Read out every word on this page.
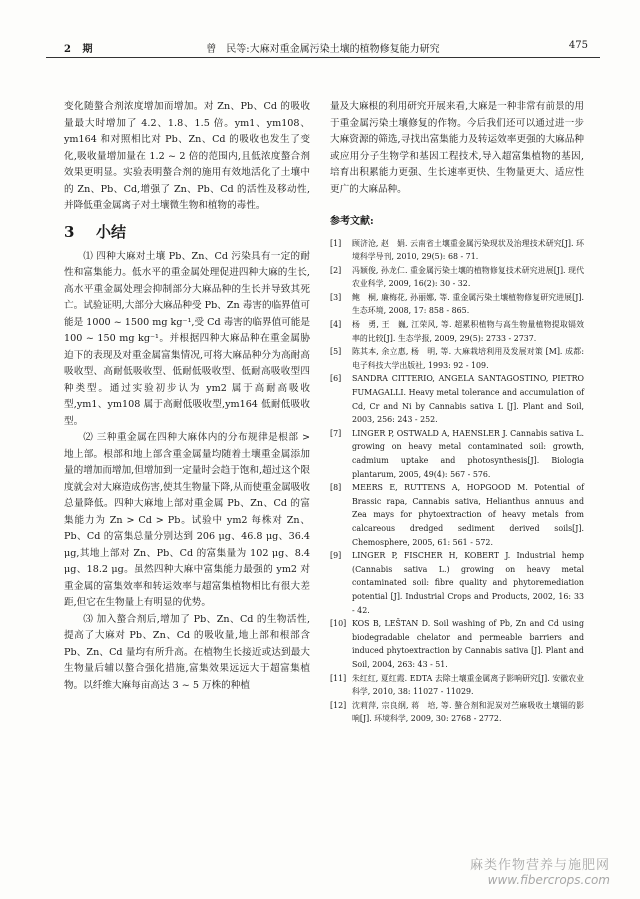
2 期	曾　民等:大麻对重金属污染土壤的植物修复能力研究	475

变化随螯合剂浓度增加而增加。对 Zn、Pb、Cd 的吸收量最大时增加了 4.2、1.8、1.5 倍。ym1、ym108、ym164 和对照相比对 Pb、Zn、Cd 的吸收也发生了变化,吸收量增加量在 1.2 ~ 2 倍的范围内,且低浓度螯合剂效果更明显。实验表明螯合剂的施用有效地活化了土壤中的 Zn、Pb、Cd,增强了 Zn、Pb、Cd 的活性及移动性,并降低重金属离子对土壤微生物和植物的毒性。

3 小结

⑴ 四种大麻对土壤 Pb、Zn、Cd 污染具有一定的耐性和富集能力。低水平的重金属处理促进四种大麻的生长,高水平重金属处理会抑制部分大麻品种的生长并导致其死亡。试验证明,大部分大麻品种受 Pb、Zn 毒害的临界值可能是 1000 ~ 1500 mg kg⁻¹,受 Cd 毒害的临界值可能是 100 ~ 150 mg kg⁻¹。并根据四种大麻品种在重金属胁迫下的表现及对重金属富集情况,可将大麻品种分为高耐高吸收型、高耐低吸收型、低耐低吸收型、低耐高吸收型四种类型。通过实验初步认为 ym2 属于高耐高吸收型,ym1、ym108 属于高耐低吸收型,ym164 低耐低吸收型。

⑵ 三种重金属在四种大麻体内的分布规律是根部 > 地上部。根部和地上部含重金属量均随着土壤重金属添加量的增加而增加,但增加到一定量时会趋于饱和,超过这个限度就会对大麻造成伤害,使其生物量下降,从而使重金属吸收总量降低。四种大麻地上部对重金属 Pb、Zn、Cd 的富集能力为 Zn > Cd > Pb。试验中 ym2 每株对 Zn、Pb、Cd 的富集总量分别达到 206 μg、46.8 μg、36.4 μg,其地上部对 Zn、Pb、Cd 的富集量为 102 μg、8.4 μg、18.2 μg。虽然四种大麻中富集能力最强的 ym2 对重金属的富集效率和转运效率与超富集植物相比有很大差距,但它在生物量上有明显的优势。

⑶ 加入螯合剂后,增加了 Pb、Zn、Cd 的生物活性,提高了大麻对 Pb、Zn、Cd 的吸收量,地上部和根部含 Pb、Zn、Cd 量均有所升高。在植物生长接近或达到最大生物量后辅以螯合强化措施,富集效果远远大于超富集植物。以纤维大麻每亩高达 3 ~ 5 万株的种植

量及大麻根的利用研究开展来看,大麻是一种非常有前景的用于重金属污染土壤修复的作物。今后我们还可以通过进一步大麻资源的筛选,寻找出富集能力及转运效率更强的大麻品种或应用分子生物学和基因工程技术,导入超富集植物的基因,培育出积累能力更强、生长速率更快、生物量更大、适应性更广的大麻品种。

参考文献:
[1]	顾济沧, 赵　娟. 云南省土壤重金属污染现状及治理技术研究[J]. 环境科学导刊, 2010, 29(5): 68 - 71.
[2]	冯颖俊, 孙龙仁. 重金属污染土壤的植物修复技术研究进展[J]. 现代农业科学, 2009, 16(2): 30 - 32.
[3]	鲍　桐, 廉梅花, 孙丽娜, 等. 重金属污染土壤植物修复研究进展[J]. 生态环境, 2008, 17: 858 - 865.
[4]	杨　勇, 王　巍, 江荣风, 等. 超累积植物与高生物量植物提取镉效率的比较[J]. 生态学报, 2009, 29(5): 2733 - 2737.
[5]	陈其本, 余立惠, 杨　明, 等. 大麻栽培利用及发展对策 [M]. 成都: 电子科技大学出版社, 1993: 92 - 109.
[6]	SANDRA CITTERIO, ANGELA SANTAGOSTINO, PIETRO FUMAGALLI. Heavy metal tolerance and accumulation of Cd, Cr and Ni by Cannabis sativa L [J]. Plant and Soil, 2003, 256: 243 - 252.
[7]	LINGER P, OSTWALD A, HAENSLER J. Cannabis sativa L. growing on heavy metal contaminated soil: growth, cadmium uptake and photosynthesis[J]. Biologia plantarum, 2005, 49(4): 567 - 576.
[8]	MEERS E, RUTTENS A, HOPGOOD M. Potential of Brassic rapa, Cannabis sativa, Helianthus annuus and Zea mays for phytoextraction of heavy metals from calcareous dredged sediment derived soils[J]. Chemosphere, 2005, 61: 561 - 572.
[9]	LINGER P, FISCHER H, KOBERT J. Industrial hemp (Cannabis sativa L.) growing on heavy metal contaminated soil: fibre quality and phytoremediation potential [J]. Industrial Crops and Products, 2002, 16: 33 - 42.
[10] KOS B, LEŠTAN D. Soil washing of Pb, Zn and Cd using biodegradable chelator and permeable barriers and induced phytoextraction by Cannabis sativa [J]. Plant and Soil, 2004, 263: 43 - 51.
[11] 朱红红, 夏红霞. EDTA 去除土壤重金属离子影响研究[J]. 安徽农业科学, 2010, 38: 11027 - 11029.
[12] 沈莉萍, 宗良纲, 蒋　培, 等. 螯合剂和泥炭对苎麻吸收土壤镉的影响[J]. 环境科学, 2009, 30: 2768 - 2772.
麻类作物营养与施肥网
www.fibercrops.com
